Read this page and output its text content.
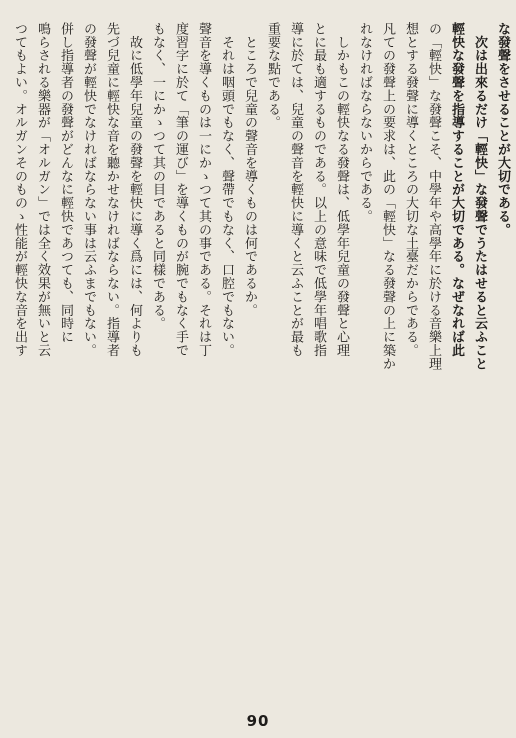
な發聲をさせることが大切である。
　次は出來るだけ「輕快」な發聲でうたはせると云ふこと
輕快な發聲を指導することが大切である。なぜなれば此
の「輕快」な發聲こそ、中學年や高學年に於ける音樂上理
想とする發聲に導くところの大切な土臺だからである。
凡ての發聲上の要求は、此の「輕快」なる發聲の上に築か
れなければならないからである。
　しかもこの輕快なる發聲は、低學年兒童の發聲と心理
とに最も適するものである。以上の意味で低學年唱歌指
導に於ては、兒童の聲音を輕快に導くと云ふことが最も
重要な點である。
　ところで兒童の聲音を導くものは何であるか。
　それは咽頭でもなく、聲帶でもなく、口腔でもない。
聲音を導くものは一にかゝつて其の事である。それは丁
度習字に於て「筆の運び」を導くものが腕でもなく手で
もなく、一にかゝつて其の目であると同樣である。
　故に低學年兒童の發聲を輕快に導く爲には、何よりも
先づ兒童に輕快な音を聽かせなければならない。指導者
の發聲が輕快でなければならない事は云ふまでもない。
併し指導者の發聲がどんなに輕快であつても、同時に
鳴らされる樂器が「オルガン」では全く效果が無いと云
つてもよい。オルガンそのものゝ性能が輕快な音を出す
90
